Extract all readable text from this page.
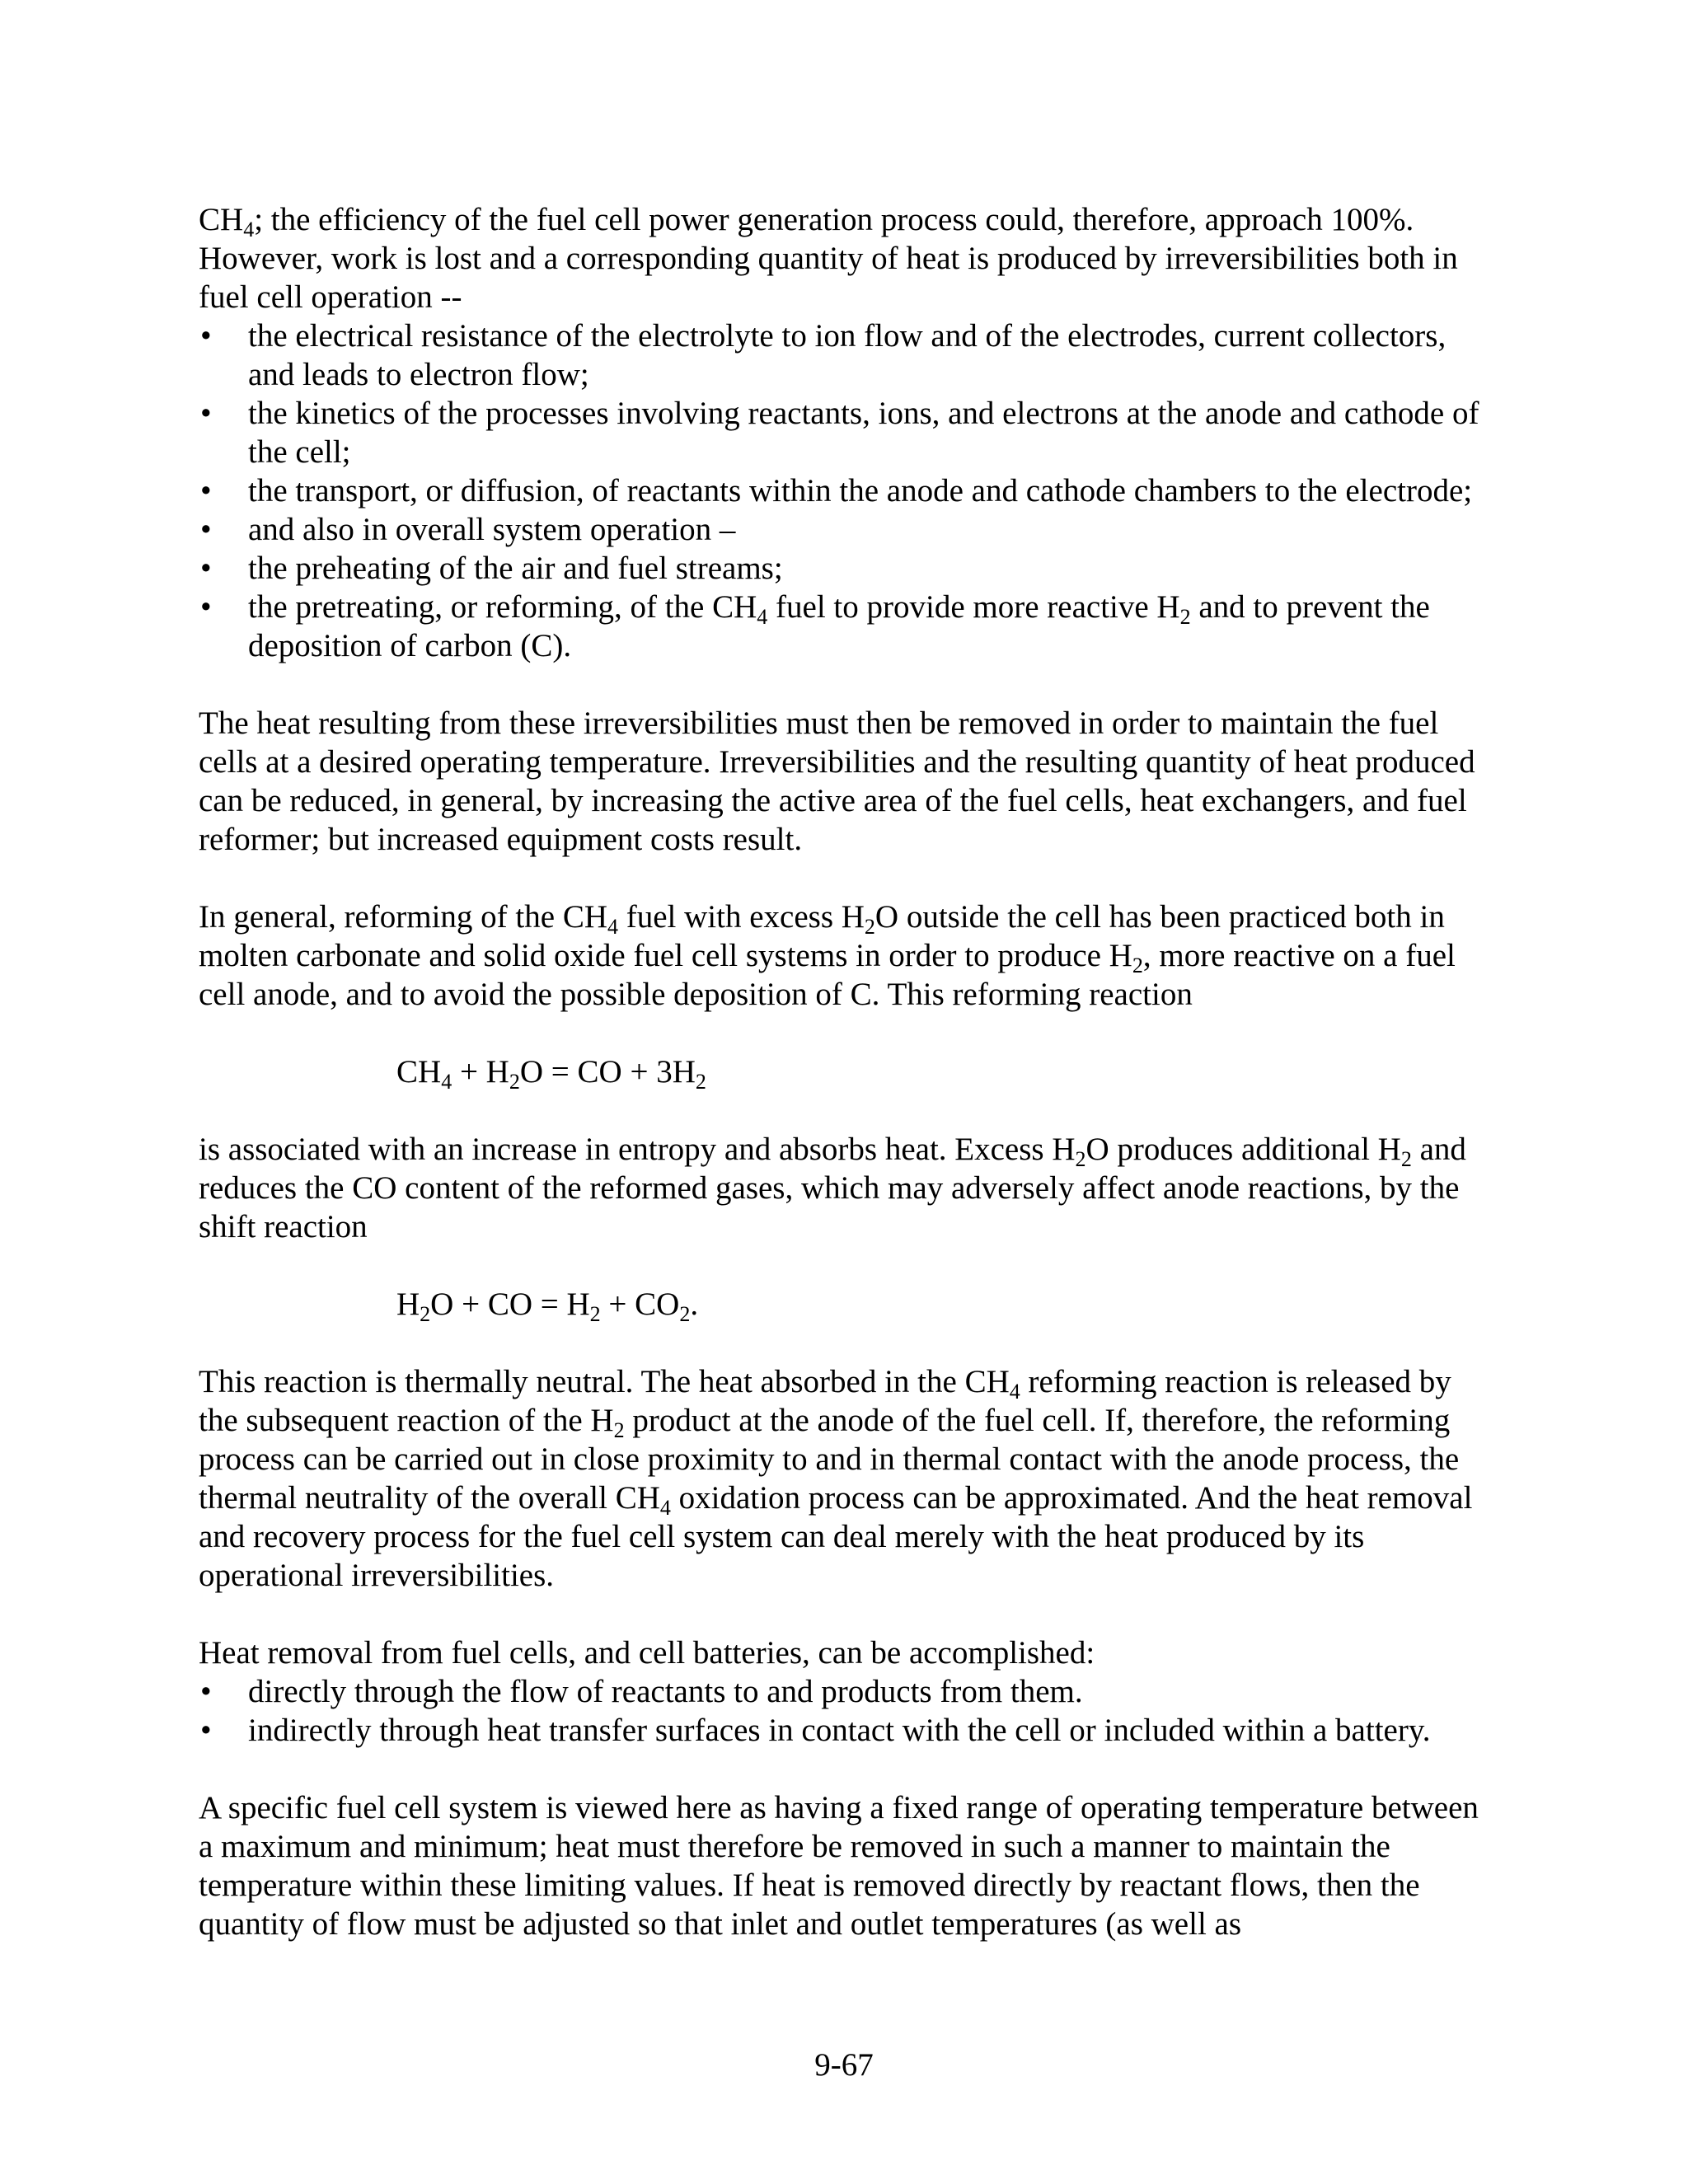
$CH_4$; the efficiency of the fuel cell power generation process could, therefore, approach 100%. However, work is lost and a corresponding quantity of heat is produced by irreversibilities both in fuel cell operation --

• the electrical resistance of the electrolyte to ion flow and of the electrodes, current collectors, and leads to electron flow;
• the kinetics of the processes involving reactants, ions, and electrons at the anode and cathode of the cell;
• the transport, or diffusion, of reactants within the anode and cathode chambers to the electrode;
• and also in overall system operation –
• the preheating of the air and fuel streams;
• the pretreating, or reforming, of the $CH_4$ fuel to provide more reactive $H_2$ and to prevent the deposition of carbon (C).

The heat resulting from these irreversibilities must then be removed in order to maintain the fuel cells at a desired operating temperature. Irreversibilities and the resulting quantity of heat produced can be reduced, in general, by increasing the active area of the fuel cells, heat exchangers, and fuel reformer; but increased equipment costs result.

In general, reforming of the $CH_4$ fuel with excess $H_2O$ outside the cell has been practiced both in molten carbonate and solid oxide fuel cell systems in order to produce $H_2$, more reactive on a fuel cell anode, and to avoid the possible deposition of C. This reforming reaction

$CH_4 + H_2O$ = CO + $3H_2$

is associated with an increase in entropy and absorbs heat. Excess $H_2O$ produces additional $H_2$ and reduces the CO content of the reformed gases, which may adversely affect anode reactions, by the shift reaction

$H_2O$ + CO = $H_2 + CO_2$.

This reaction is thermally neutral. The heat absorbed in the $CH_4$ reforming reaction is released by the subsequent reaction of the $H_2$ product at the anode of the fuel cell. If, therefore, the reforming process can be carried out in close proximity to and in thermal contact with the anode process, the thermal neutrality of the overall $CH_4$ oxidation process can be approximated. And the heat removal and recovery process for the fuel cell system can deal merely with the heat produced by its operational irreversibilities.

Heat removal from fuel cells, and cell batteries, can be accomplished:

• directly through the flow of reactants to and products from them.
• indirectly through heat transfer surfaces in contact with the cell or included within a battery.

A specific fuel cell system is viewed here as having a fixed range of operating temperature between a maximum and minimum; heat must therefore be removed in such a manner to maintain the temperature within these limiting values. If heat is removed directly by reactant flows, then the quantity of flow must be adjusted so that inlet and outlet temperatures (as well as

9-67
